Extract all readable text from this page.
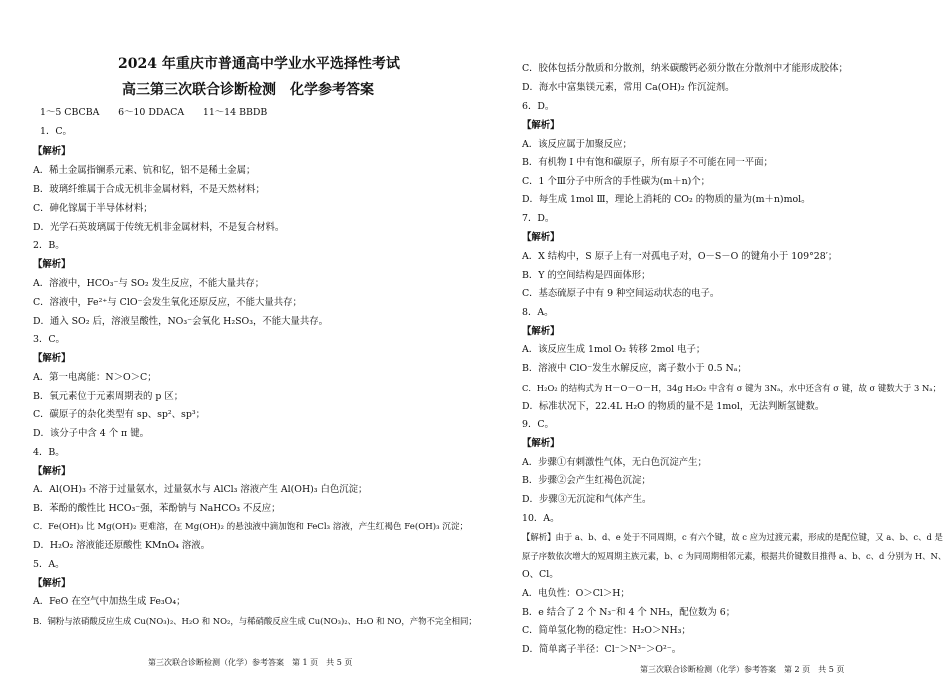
2024 年重庆市普通高中学业水平选择性考试
高三第三次联合诊断检测　化学参考答案
1～5 CBCBA　　6～10 DDACA　　11～14 BBDB
1．C。
【解析】
A．稀土金属指镧系元素、钪和钇，铝不是稀土金属；
B．玻璃纤维属于合成无机非金属材料，不是天然材料；
C．砷化镓属于半导体材料；
D．光学石英玻璃属于传统无机非金属材料，不是复合材料。
2．B。
【解析】
A．溶液中，HCO₃⁻与 SO₂ 发生反应，不能大量共存；
C．溶液中，Fe²⁺与 ClO⁻会发生氧化还原反应，不能大量共存；
D．通入 SO₂ 后，溶液呈酸性，NO₃⁻会氧化 H₂SO₃，不能大量共存。
3．C。
【解析】
A．第一电离能：N＞O＞C；
B．氧元素位于元素周期表的 p 区；
C．碳原子的杂化类型有 sp、sp²、sp³；
D．该分子中含 4 个 π 键。
4．B。
【解析】
A．Al(OH)₃ 不溶于过量氨水，过量氨水与 AlCl₃ 溶液产生 Al(OH)₃ 白色沉淀；
B．苯酚的酸性比 HCO₃⁻强，苯酚钠与 NaHCO₃ 不反应；
C．Fe(OH)₃ 比 Mg(OH)₂ 更难溶，在 Mg(OH)₂ 的悬浊液中滴加饱和 FeCl₃ 溶液，产生红褐色 Fe(OH)₃ 沉淀；
D．H₂O₂ 溶液能还原酸性 KMnO₄ 溶液。
5．A。
【解析】
A．FeO 在空气中加热生成 Fe₃O₄；
B．铜粉与浓硝酸反应生成 Cu(NO₃)₂、H₂O 和 NO₂，与稀硝酸反应生成 Cu(NO₃)₂、H₂O 和 NO，产物不完全相同；
第三次联合诊断检测（化学）参考答案　第 1 页　共 5 页
C．胶体包括分散质和分散剂，纳米碳酸钙必须分散在分散剂中才能形成胶体；
D．海水中富集镁元素，常用 Ca(OH)₂ 作沉淀剂。
6．D。
【解析】
A．该反应属于加聚反应；
B．有机物 I 中有饱和碳原子，所有原子不可能在同一平面；
C．1 个Ⅲ分子中所含的手性碳为(m＋n)个；
D．每生成 1mol Ⅲ，理论上消耗的 CO₂ 的物质的量为(m＋n)mol。
7．D。
【解析】
A．X 结构中，S 原子上有一对孤电子对，O－S－O 的键角小于 109°28′；
B．Y 的空间结构是四面体形；
C．基态硫原子中有 9 种空间运动状态的电子。
8．A。
【解析】
A．该反应生成 1mol O₂ 转移 2mol 电子；
B．溶液中 ClO⁻发生水解反应，离子数小于 0.5 Nₐ；
C．H₂O₂ 的结构式为 H－O－O－H，34g H₂O₂ 中含有 σ 键为 3Nₐ，水中还含有 σ 键，故 σ 键数大于 3 Nₐ；
D．标准状况下，22.4L H₂O 的物质的量不是 1mol，无法判断氢键数。
9．C。
【解析】
A．步骤①有刺激性气体，无白色沉淀产生；
B．步骤②会产生红褐色沉淀；
D．步骤③无沉淀和气体产生。
10．A。
【解析】由于 a、b、d、e 处于不同周期，c 有六个键，故 c 应为过渡元素，形成的是配位键，又 a、b、c、d 是
原子序数依次增大的短周期主族元素，b、c 为同周期相邻元素，根据共价键数目推得 a、b、c、d 分别为 H、N、
O、Cl。
A．电负性：O＞Cl＞H；
B．e 结合了 2 个 N₃⁻和 4 个 NH₃，配位数为 6；
C．简单氢化物的稳定性：H₂O＞NH₃；
D．简单离子半径：Cl⁻＞N³⁻＞O²⁻。
第三次联合诊断检测（化学）参考答案　第 2 页　共 5 页
